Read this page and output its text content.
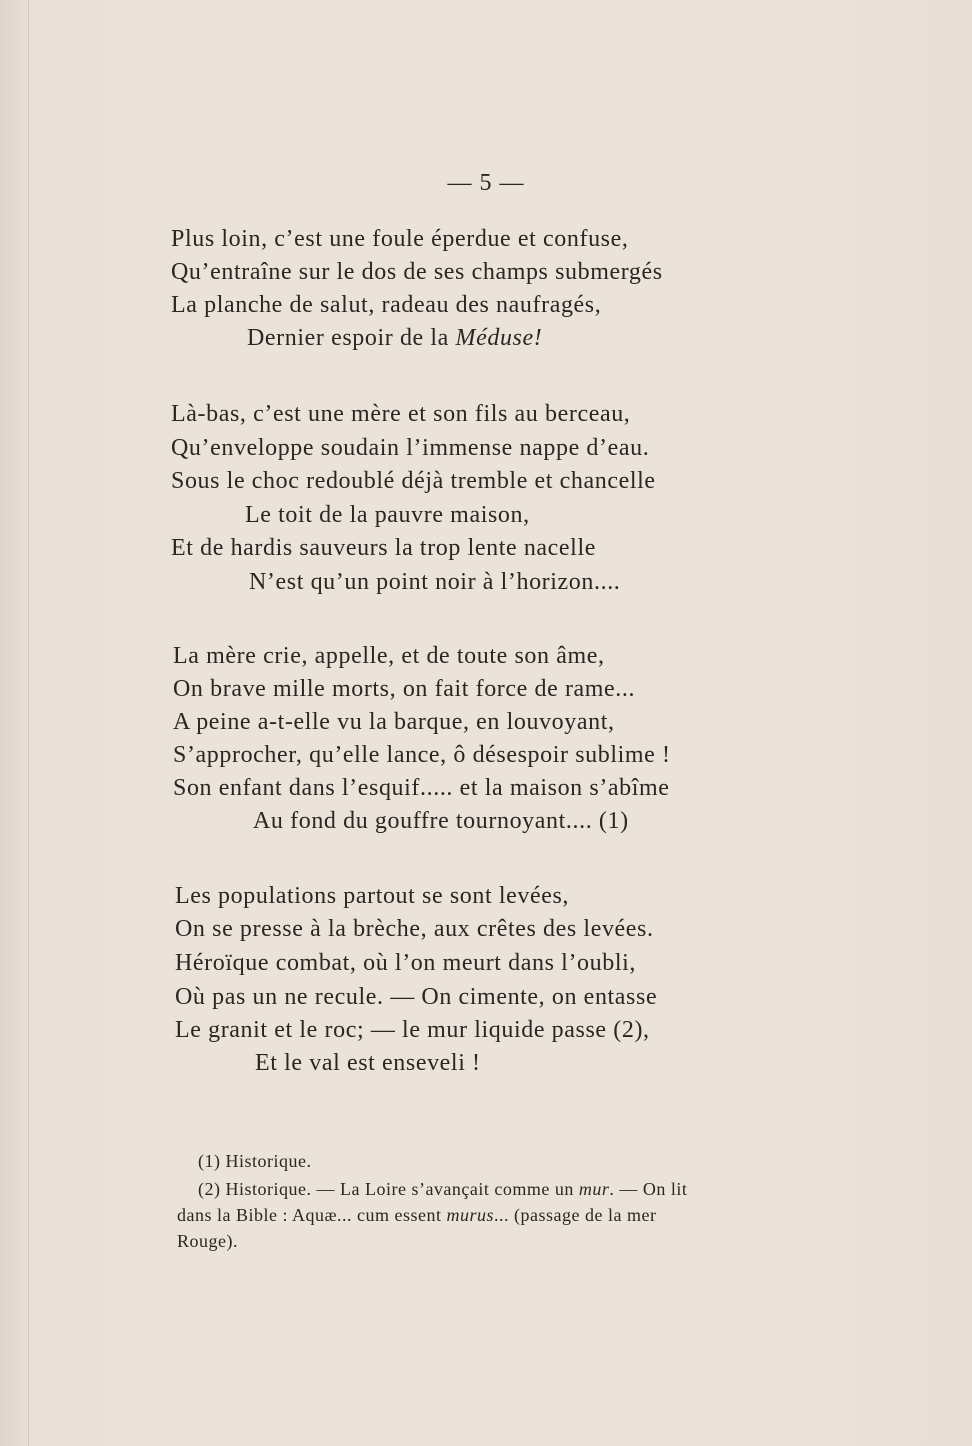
— 5 —
Plus loin, c’est une foule éperdue et confuse,
Qu’entraîne sur le dos de ses champs submergés
La planche de salut, radeau des naufragés,
Dernier espoir de la Méduse!
Là-bas, c’est une mère et son fils au berceau,
Qu’enveloppe soudain l’immense nappe d’eau.
Sous le choc redoublé déjà tremble et chancelle
Le toit de la pauvre maison,
Et de hardis sauveurs la trop lente nacelle
N’est qu’un point noir à l’horizon....
La mère crie, appelle, et de toute son âme,
On brave mille morts, on fait force de rame...
A peine a-t-elle vu la barque, en louvoyant,
S’approcher, qu’elle lance, ô désespoir sublime !
Son enfant dans l’esquif..... et la maison s’abîme
Au fond du gouffre tournoyant.... (1)
Les populations partout se sont levées,
On se presse à la brèche, aux crêtes des levées.
Héroïque combat, où l’on meurt dans l’oubli,
Où pas un ne recule. — On cimente, on entasse
Le granit et le roc; — le mur liquide passe (2),
Et le val est enseveli !
(1) Historique.
(2) Historique. — La Loire s’avançait comme un mur. — On lit
dans la Bible : Aquæ... cum essent murus... (passage de la mer
Rouge).
